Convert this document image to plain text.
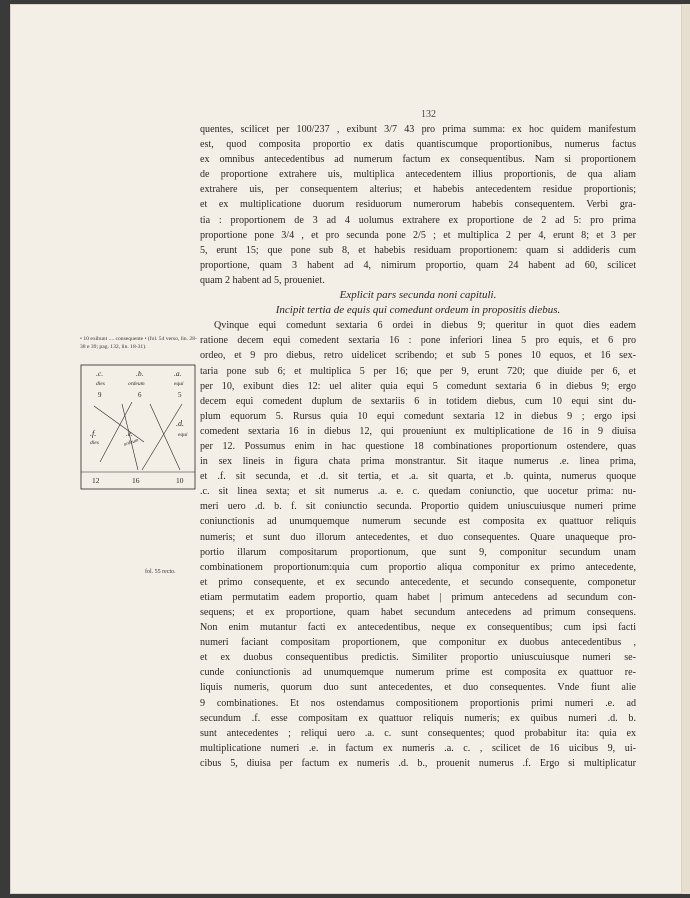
132
• 10 exibunt .... consequente • (fol. 54 verso, lin. 28-38 e 39; pag. 132, lin. 18-31).
.c.	.b.	.a.
dies	ordeum	equi
9	6	5
.f.
dies
.e.
ordeum
.d.
equi
12	16	10
fol. 55 recto.
quentes, scilicet per 100/237 , exibunt 3/7 43 pro prima summa: ex hoc quidem manifestum
est, quod composita proportio ex datis quantiscumque proportionibus, numerus factus
ex omnibus antecedentibus ad numerum factum ex consequentibus. Nam si proportionem
de proportione extrahere uis, multiplica antecedentem illius proportionis, de qua aliam
extrahere uis, per consequentem alterius; et habebis antecedentem residue proportionis;
et ex multiplicatione duorum residuorum numerorum habebis consequentem. Verbi gra-
tia : proportionem de 3 ad 4 uolumus extrahere ex proportione de 2 ad 5: pro prima
proportione pone 3/4 , et pro secunda pone 2/5 ; et multiplica 2 per 4, erunt 8; et 3 per
5, erunt 15; que pone sub 8, et habebis residuam proportionem: quam si addideris cum
proportione, quam 3 habent ad 4, nimirum proportio, quam 24 habent ad 60, scilicet
quam 2 habent ad 5, proueniet.
Explicit pars secunda noni capituli.
Incipit tertia de equis qui comedunt ordeum in propositis diebus.
Qvinque equi comedunt sextaria 6 ordei in diebus 9; queritur in quot dies eadem
ratione decem equi comedent sextaria 16 : pone inferiori linea 5 pro equis, et 6 pro
ordeo, et 9 pro diebus, retro uidelicet scribendo; et sub 5 pones 10 equos, et 16 sex-
taria pone sub 6; et multiplica 5 per 16; que per 9, erunt 720; que diuide per 6, et
per 10, exibunt dies 12: uel aliter quia equi 5 comedunt sextaria 6 in diebus 9; ergo
decem equi comedent duplum de sextariis 6 in totidem diebus, cum 10 equi sint du-
plum equorum 5. Rursus quia 10 equi comedunt sextaria 12 in diebus 9 ; ergo ipsi
comedent sextaria 16 in diebus 12, qui proueniunt ex multiplicatione de 16 in 9 diuisa
per 12. Possumus enim in hac questione 18 combinationes proportionum ostendere, quas
in sex lineis in figura chata prima monstrantur. Sit itaque numerus .e. linea prima,
et .f. sit secunda, et .d. sit tertia, et .a. sit quarta, et .b. quinta, numerus quoque
.c. sit linea sexta; et sit numerus .a. e. c. quedam coniunctio, que uocetur prima: nu-
meri uero .d. b. f. sit coniunctio secunda. Proportio quidem uniuscuiusque numeri prime
coniunctionis ad unumquemque numerum secunde est composita ex quattuor reliquis
numeris; et sunt duo illorum antecedentes, et duo consequentes. Quare unaqueque pro-
portio illarum compositarum proportionum, que sunt 9, componitur secundum unam
combinationem proportionum:quia cum proportio aliqua componitur ex primo antecedente,
et primo consequente, et ex secundo antecedente, et secundo consequente, componetur
etiam permutatim eadem proportio, quam habet | primum antecedens ad secundum con-
sequens; et ex proportione, quam habet secundum antecedens ad primum consequens.
Non enim mutantur facti ex antecedentibus, neque ex consequentibus; cum ipsi facti
numeri faciant compositam proportionem, que componitur ex duobus antecedentibus ,
et ex duobus consequentibus predictis. Similiter proportio uniuscuiusque numeri se-
cunde coniunctionis ad unumquemque numerum prime est composita ex quattuor re-
liquis numeris, quorum duo sunt antecedentes, et duo consequentes. Vnde fiunt alie
9 combinationes. Et nos ostendamus compositionem proportionis primi numeri .e. ad
secundum .f. esse compositam ex quattuor reliquis numeris; ex quibus numeri .d. b.
sunt antecedentes ; reliqui uero .a. c. sunt consequentes; quod probabitur ita: quia ex
multiplicatione numeri .e. in factum ex numeris .a. c. , scilicet de 16 uicibus 9, ui-
cibus 5, diuisa per factum ex numeris .d. b., prouenit numerus .f. Ergo si multiplicatur
